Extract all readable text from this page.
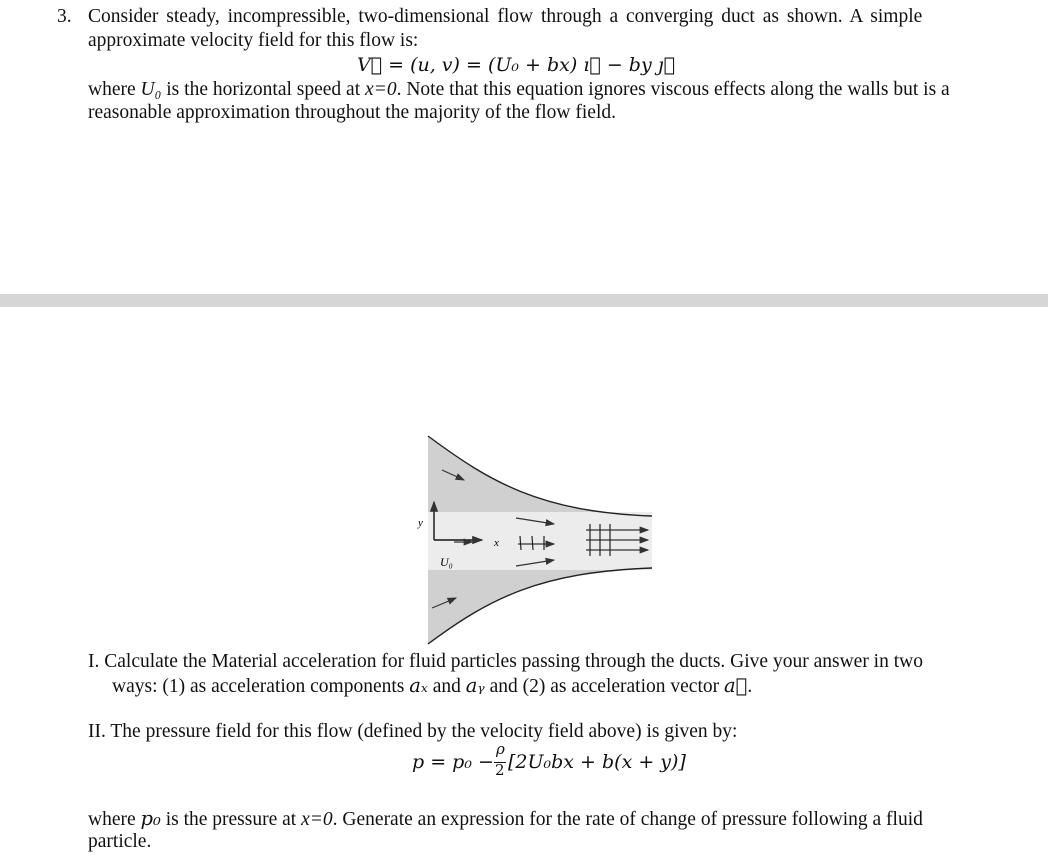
3. Consider steady, incompressible, two-dimensional flow through a converging duct as shown. A simple
approximate velocity field for this flow is:
V⃗ = (u, v) = (U₀ + bx) ı⃗ − by ȷ⃗
where U₀ is the horizontal speed at x=0. Note that this equation ignores viscous effects along the walls but is a
reasonable approximation throughout the majority of the flow field.
y
x
U₀
I. Calculate the Material acceleration for fluid particles passing through the ducts. Give your answer in two
ways: (1) as acceleration components aₓ and aᵧ and (2) as acceleration vector a⃗.
II. The pressure field for this flow (defined by the velocity field above) is given by:
p = p₀ −
ρ
2 [2U₀bx + b(x + y)]
where p₀ is the pressure at x=0. Generate an expression for the rate of change of pressure following a fluid
particle.
